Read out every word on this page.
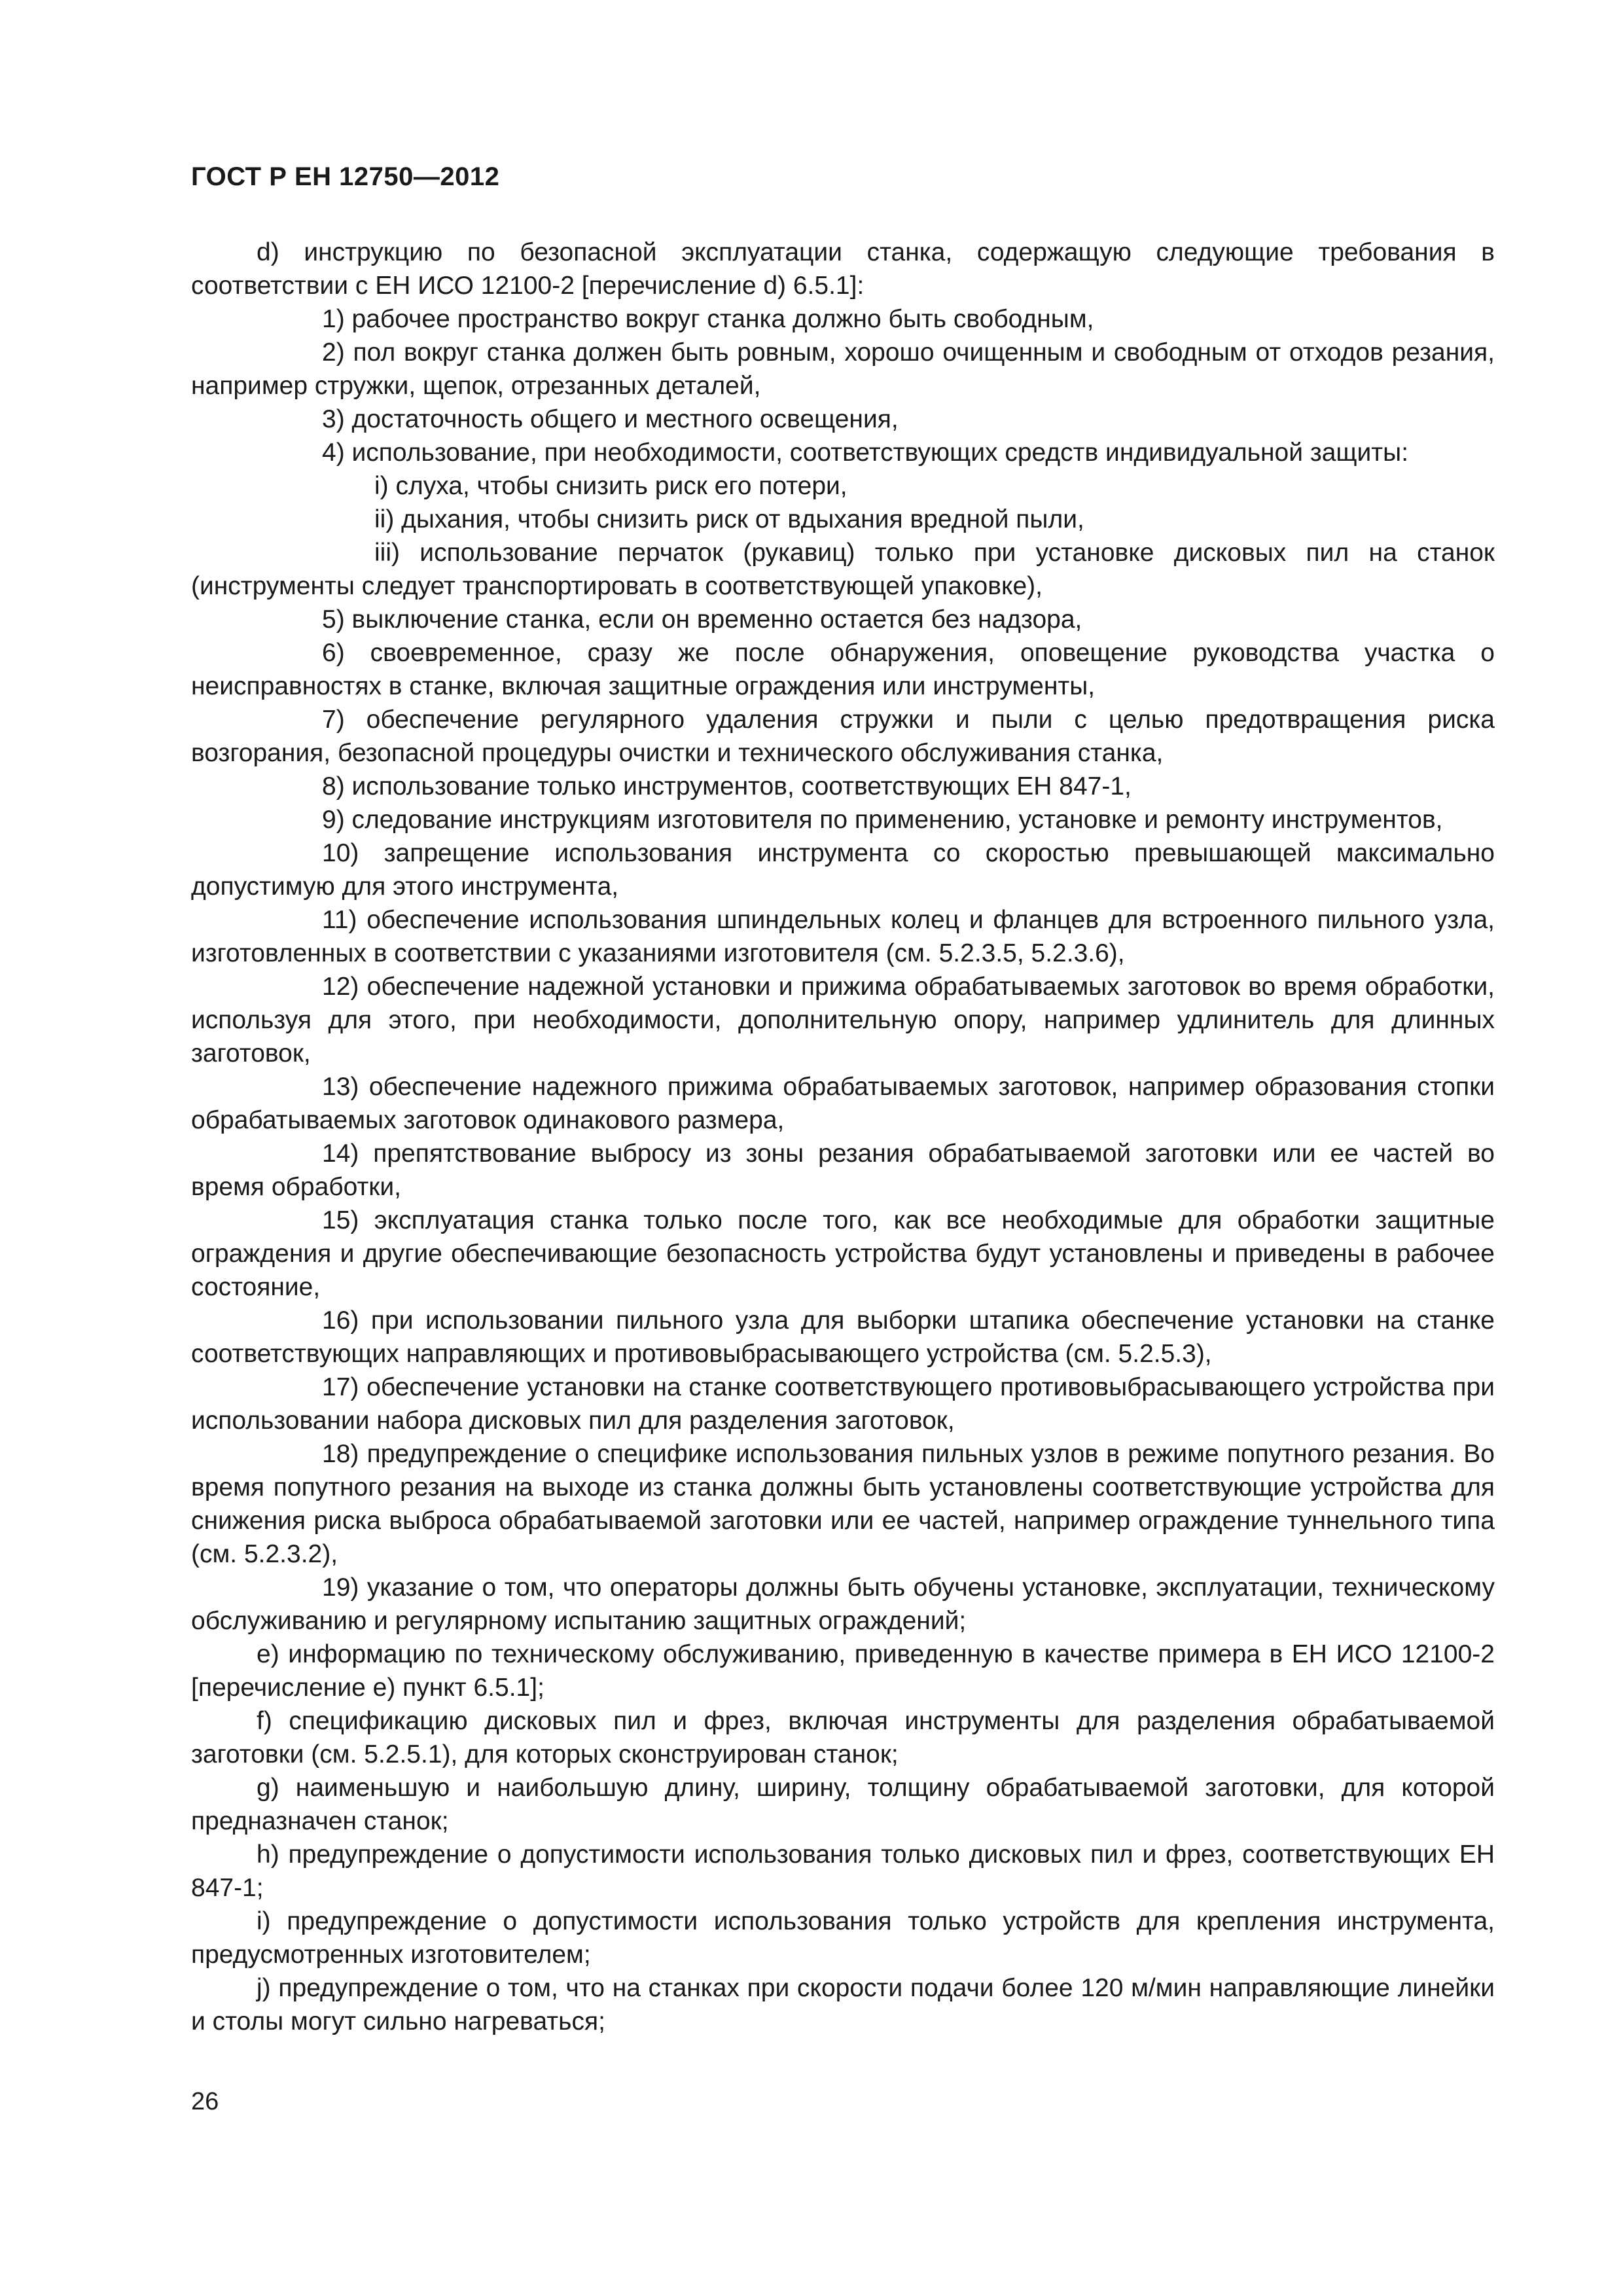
ГОСТ Р ЕН 12750—2012

d) инструкцию по безопасной эксплуатации станка, содержащую следующие требования в соответствии с ЕН ИСО 12100-2 [перечисление d) 6.5.1]:

1) рабочее пространство вокруг станка должно быть свободным,

2) пол вокруг станка должен быть ровным, хорошо очищенным и свободным от отходов резания, например стружки, щепок, отрезанных деталей,

3) достаточность общего и местного освещения,

4) использование, при необходимости, соответствующих средств индивидуальной защиты:

i) слуха, чтобы снизить риск его потери,

ii) дыхания, чтобы снизить риск от вдыхания вредной пыли,

iii) использование перчаток (рукавиц) только при установке дисковых пил на станок (инструменты следует транспортировать в соответствующей упаковке),

5) выключение станка, если он временно остается без надзора,

6) своевременное, сразу же после обнаружения, оповещение руководства участка о неисправностях в станке, включая защитные ограждения или инструменты,

7) обеспечение регулярного удаления стружки и пыли с целью предотвращения риска возгорания, безопасной процедуры очистки и технического обслуживания станка,

8) использование только инструментов, соответствующих ЕН 847-1,

9) следование инструкциям изготовителя по применению, установке и ремонту инструментов,

10) запрещение использования инструмента со скоростью превышающей максимально допустимую для этого инструмента,

11) обеспечение использования шпиндельных колец и фланцев для встроенного пильного узла, изготовленных в соответствии с указаниями изготовителя (см. 5.2.3.5, 5.2.3.6),

12) обеспечение надежной установки и прижима обрабатываемых заготовок во время обработки, используя для этого, при необходимости, дополнительную опору, например удлинитель для длинных заготовок,

13) обеспечение надежного прижима обрабатываемых заготовок, например образования стопки обрабатываемых заготовок одинакового размера,

14) препятствование выбросу из зоны резания обрабатываемой заготовки или ее частей во время обработки,

15) эксплуатация станка только после того, как все необходимые для обработки защитные ограждения и другие обеспечивающие безопасность устройства будут установлены и приведены в рабочее состояние,

16) при использовании пильного узла для выборки штапика обеспечение установки на станке соответствующих направляющих и противовыбрасывающего устройства (см. 5.2.5.3),

17) обеспечение установки на станке соответствующего противовыбрасывающего устройства при использовании набора дисковых пил для разделения заготовок,

18) предупреждение о специфике использования пильных узлов в режиме попутного резания. Во время попутного резания на выходе из станка должны быть установлены соответствующие устройства для снижения риска выброса обрабатываемой заготовки или ее частей, например ограждение туннельного типа (см. 5.2.3.2),

19) указание о том, что операторы должны быть обучены установке, эксплуатации, техническому обслуживанию и регулярному испытанию защитных ограждений;

e) информацию по техническому обслуживанию, приведенную в качестве примера в ЕН ИСО 12100-2 [перечисление e) пункт 6.5.1];

f) спецификацию дисковых пил и фрез, включая инструменты для разделения обрабатываемой заготовки (см. 5.2.5.1), для которых сконструирован станок;

g) наименьшую и наибольшую длину, ширину, толщину обрабатываемой заготовки, для которой предназначен станок;

h) предупреждение о допустимости использования только дисковых пил и фрез, соответствующих ЕН 847-1;

i) предупреждение о допустимости использования только устройств для крепления инструмента, предусмотренных изготовителем;

j) предупреждение о том, что на станках при скорости подачи более 120 м/мин направляющие линейки и столы могут сильно нагреваться;

26
